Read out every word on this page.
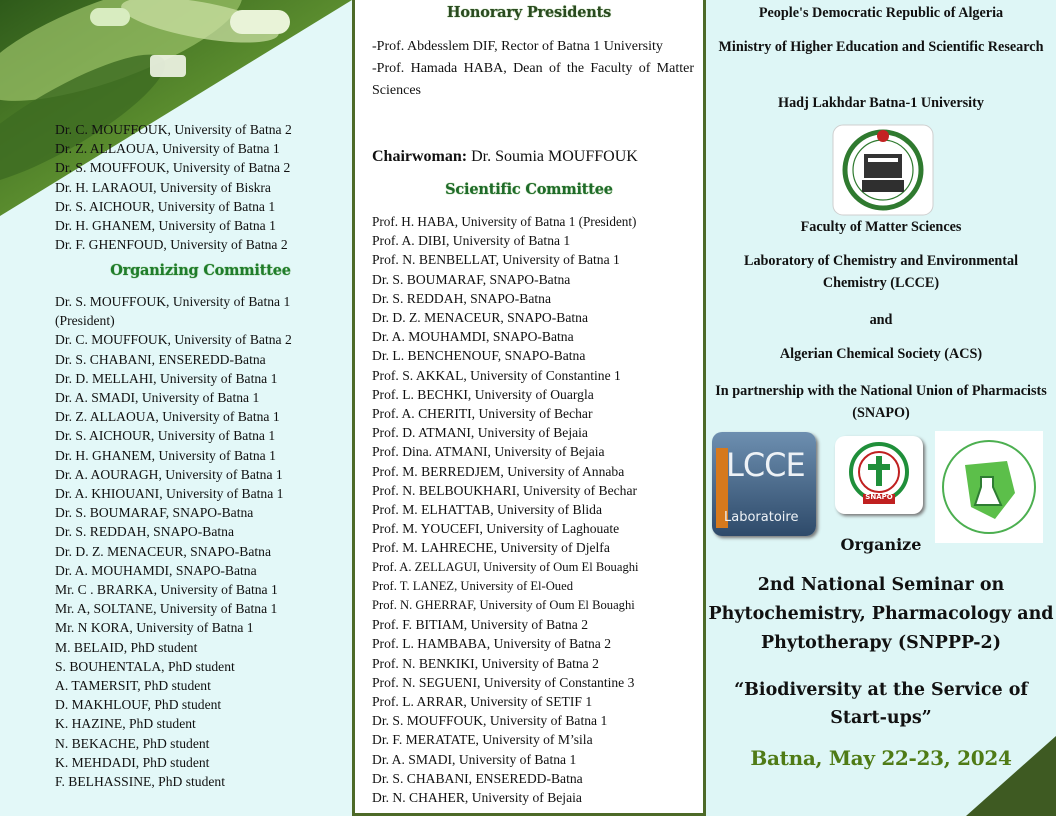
Dr. C. MOUFFOUK, University of Batna 2
Dr. Z. ALLAOUA, University of Batna 1
Dr. S. MOUFFOUK, University of Batna 2
Dr. H. LARAOUI, University of Biskra
Dr. S. AICHOUR, University of Batna 1
Dr. H. GHANEM, University of Batna 1
Dr. F. GHENFOUD, University of Batna 2
Organizing Committee
Dr. S. MOUFFOUK, University of Batna 1 (President)
Dr. C. MOUFFOUK, University of Batna 2
Dr. S. CHABANI, ENSEREDD-Batna
Dr. D. MELLAHI, University of Batna 1
Dr. A. SMADI, University of Batna 1
Dr. Z. ALLAOUA, University of Batna 1
Dr. S. AICHOUR, University of Batna 1
Dr. H. GHANEM, University of Batna 1
Dr. A. AOURAGH, University of Batna 1
Dr. A. KHIOUANI, University of Batna 1
Dr. S. BOUMARAF, SNAPO-Batna
Dr. S. REDDAH, SNAPO-Batna
Dr. D. Z. MENACEUR, SNAPO-Batna
Dr. A. MOUHAMDI, SNAPO-Batna
Mr. C . BRARKA, University of Batna 1
Mr. A, SOLTANE, University of Batna 1
Mr. N KORA, University of Batna 1
M. BELAID, PhD student
S. BOUHENTALA, PhD student
A. TAMERSIT, PhD student
D. MAKHLOUF, PhD student
K. HAZINE, PhD student
N. BEKACHE, PhD student
K. MEHDADI, PhD student
F. BELHASSINE, PhD student
Honorary Presidents
-Prof. Abdesslem DIF, Rector of Batna 1 University
-Prof. Hamada HABA, Dean of the Faculty of Matter Sciences
Chairwoman: Dr. Soumia MOUFFOUK
Scientific Committee
Prof. H. HABA, University of Batna 1 (President)
Prof. A. DIBI, University of Batna 1
Prof. N. BENBELLAT, University of Batna 1
Dr. S. BOUMARAF, SNAPO-Batna
Dr. S. REDDAH, SNAPO-Batna
Dr. D. Z. MENACEUR, SNAPO-Batna
Dr. A. MOUHAMDI, SNAPO-Batna
Dr. L. BENCHENOUF, SNAPO-Batna
Prof. S. AKKAL, University of Constantine 1
Prof. L. BECHKI, University of Ouargla
Prof. A. CHERITI, University of Bechar
Prof. D. ATMANI, University of Bejaia
Prof. Dina. ATMANI, University of Bejaia
Prof. M. BERREDJEM, University of Annaba
Prof. N. BELBOUKHARI, University of Bechar
Prof. M. ELHATTAB, University of Blida
Prof. M. YOUCEFI, University of Laghouate
Prof. M. LAHRECHE, University of Djelfa
Prof. A. ZELLAGUI, University of Oum El Bouaghi
Prof. T. LANEZ, University of El-Oued
Prof. N. GHERRAF, University of Oum El Bouaghi
Prof. F. BITIAM, University of Batna 2
Prof. L. HAMBABA, University of Batna 2
Prof. N. BENKIKI, University of Batna 2
Prof. N. SEGUENI, University of Constantine 3
Prof. L. ARRAR, University of SETIF 1
Dr. S. MOUFFOUK, University of Batna 1
Dr. F. MERATATE, University of M’sila
Dr. A. SMADI, University of Batna 1
Dr. S. CHABANI, ENSEREDD-Batna
Dr. N. CHAHER, University of Bejaia
People's Democratic Republic of Algeria
Ministry of Higher Education and Scientific Research
Hadj Lakhdar Batna-1 University
Faculty of Matter Sciences
Laboratory of Chemistry and Environmental Chemistry (LCCE)
and
Algerian Chemical Society (ACS)
In partnership with the National Union of Pharmacists (SNAPO)
LCCE
Laboratoire
SNAPO
Organize
2nd National Seminar on Phytochemistry, Pharmacology and Phytotherapy (SNPPP-2)
“Biodiversity at the Service of Start-ups”
Batna, May 22-23, 2024
